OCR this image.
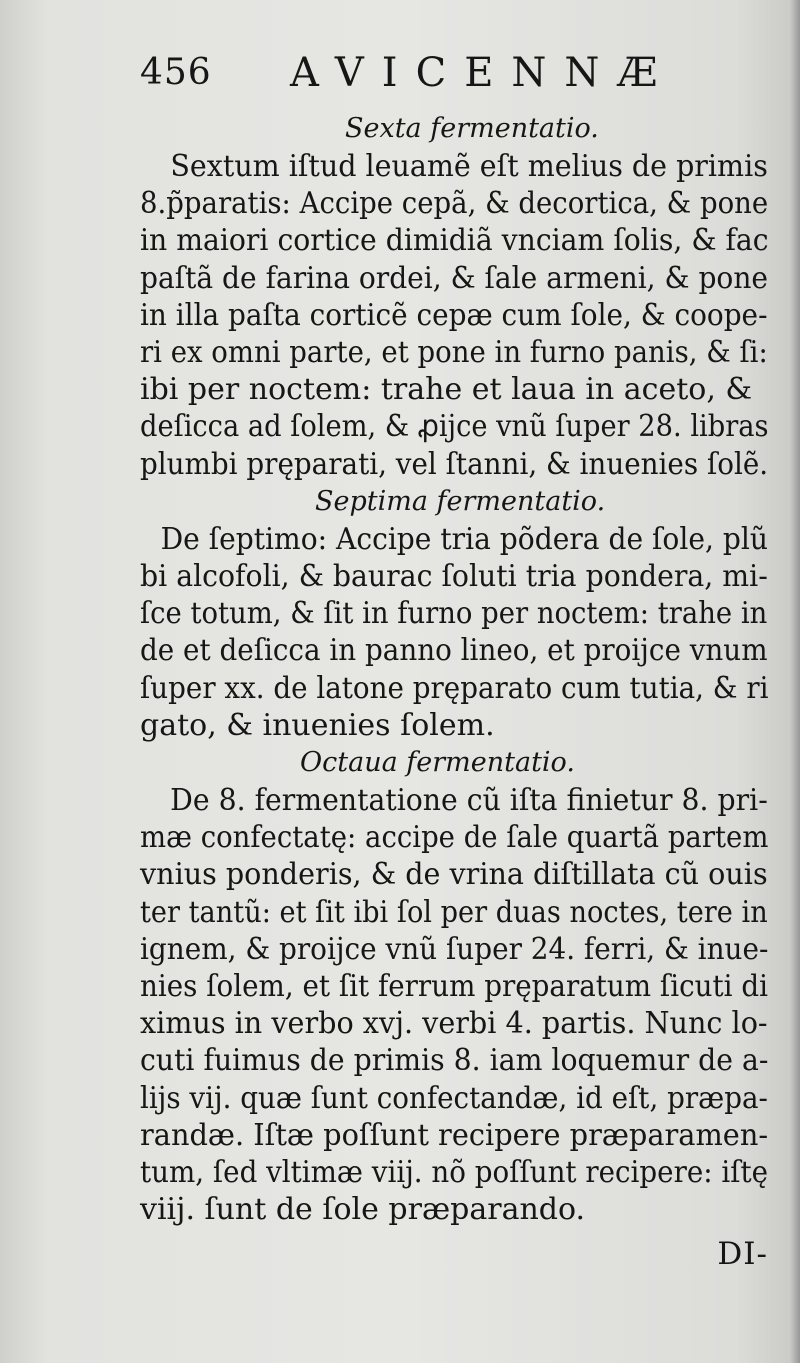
456 AVICENNÆ
Sexta fermentatio.
Sextum iſtud leuamẽ eſt melius de primis
8.p̃paratis: Accipe cepã, & decortica, & pone
in maiori cortice dimidiã vnciam ſolis, & fac
paſtã de farina ordei, & ſale armeni, & pone
in illa paſta corticẽ cepæ cum ſole, & coope-
ri ex omni parte, et pone in furno panis, & ſi:
ibi per noctem: trahe et laua in aceto, &
deſicca ad ſolem, & ꝓijce vnũ ſuper 28. libras
plumbi pręparati, vel ſtanni, & inuenies ſolẽ.
Septima fermentatio.
De ſeptimo: Accipe tria põdera de ſole, plũ
bi alcofoli, & baurac ſoluti tria pondera, mi-
ſce totum, & ſit in furno per noctem: trahe in
de et deſicca in panno lineo, et proijce vnum
ſuper xx. de latone pręparato cum tutia, & ri
gato, & inuenies ſolem.
Octaua fermentatio.
De 8. fermentatione cũ iſta finietur 8. pri-
mæ confectatę: accipe de ſale quartã partem
vnius ponderis, & de vrina diſtillata cũ ouis
ter tantũ: et ſit ibi ſol per duas noctes, tere in
ignem, & proijce vnũ ſuper 24. ferri, & inue-
nies ſolem, et ſit ferrum pręparatum ſicuti di
ximus in verbo xvj. verbi 4. partis. Nunc lo-
cuti fuimus de primis 8. iam loquemur de a-
lijs vij. quæ ſunt confectandæ, id eſt, præpa-
randæ. Iſtæ poſſunt recipere præparamen-
tum, ſed vltimæ viij. nõ poſſunt recipere: iſtę
viij. ſunt de ſole præparando.
DI-
